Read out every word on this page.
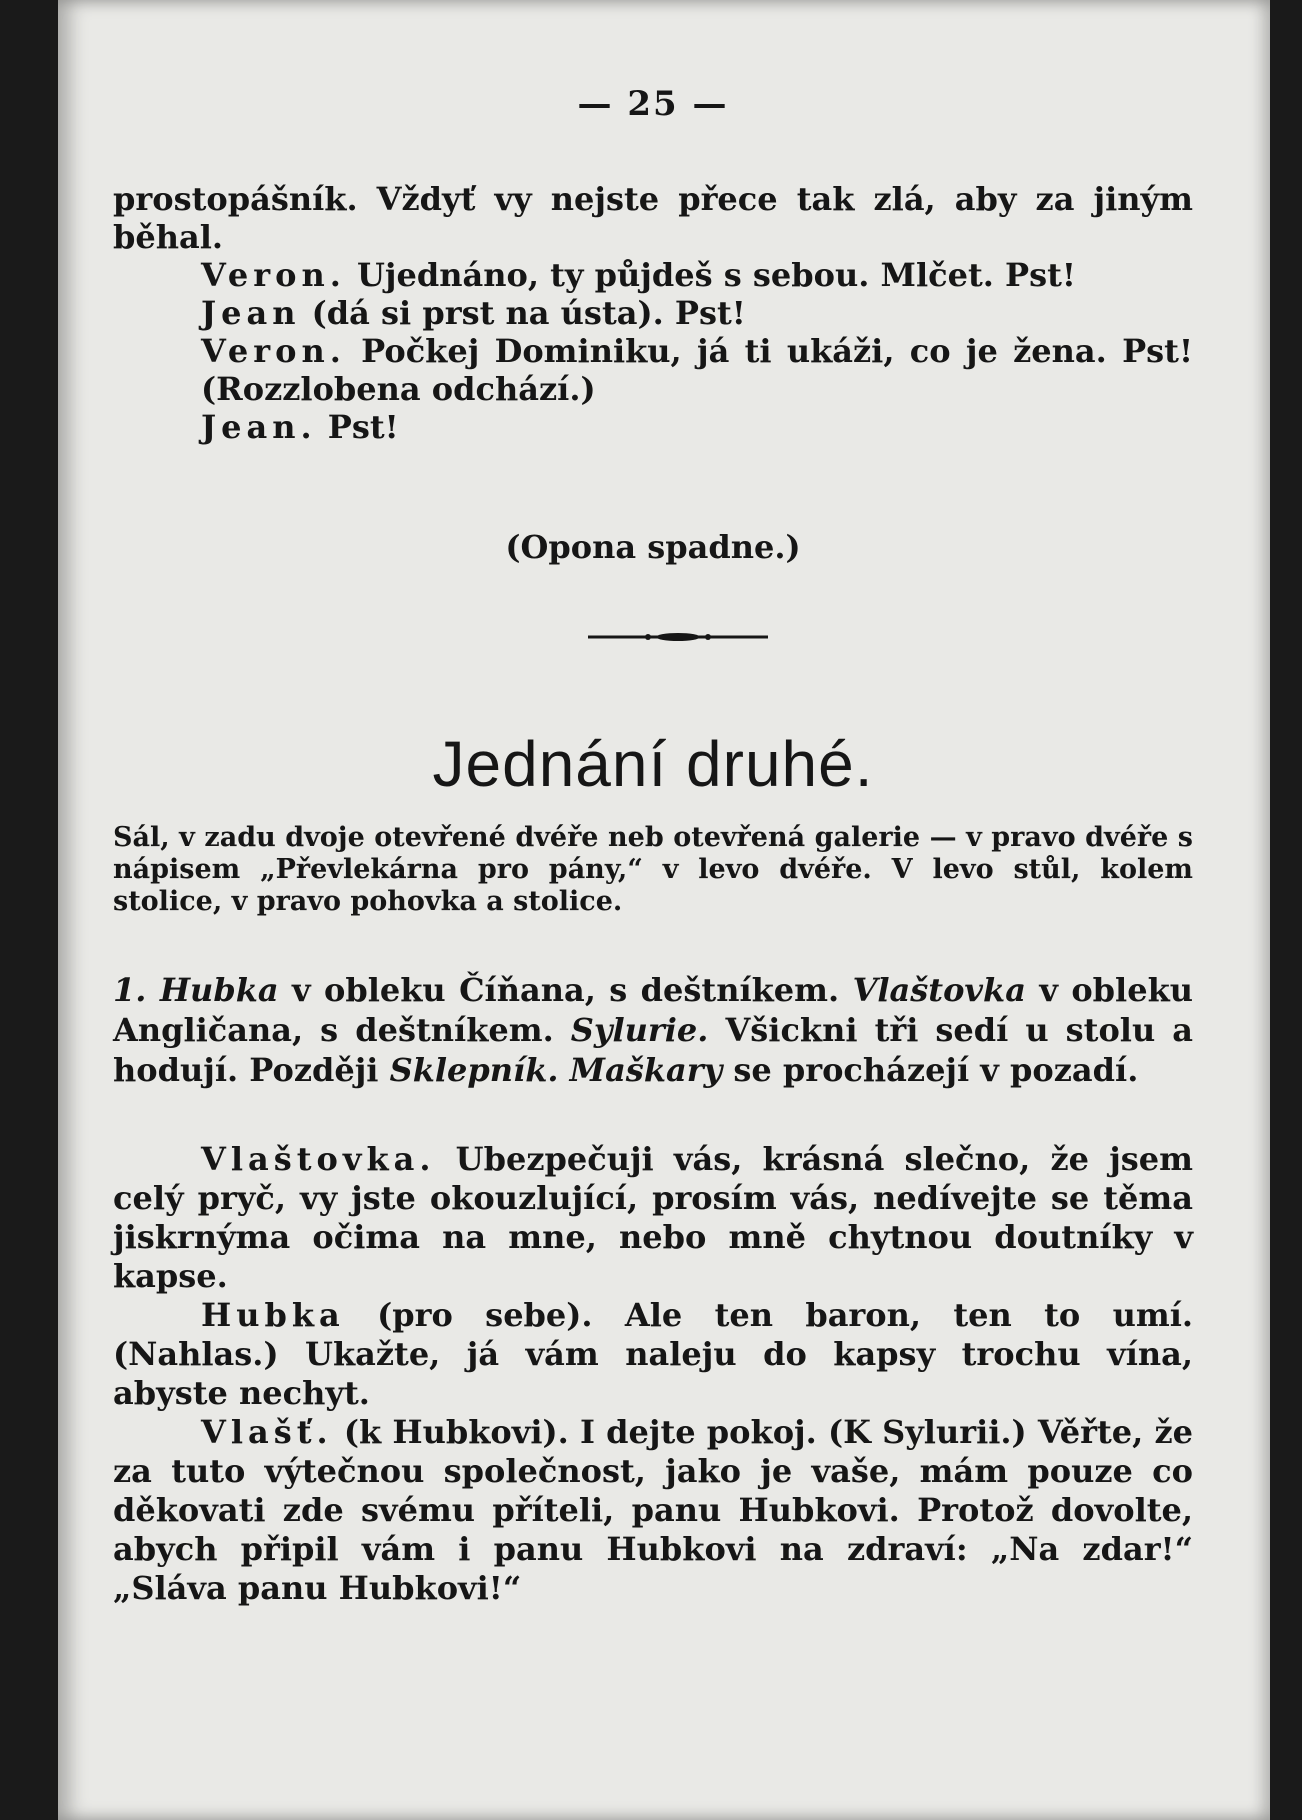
— 25 —

prostopášník. Vždyť vy nejste přece tak zlá, aby za jiným běhal.

Veron. Ujednáno, ty půjdeš s sebou. Mlčet. Pst!

Jean (dá si prst na ústa). Pst!

Veron. Počkej Dominiku, já ti ukáži, co je žena. Pst! (Rozzlobena odchází.)

Jean. Pst!

(Opona spadne.)

Jednání druhé.
Sál, v zadu dvoje otevřené dvéře neb otevřená galerie — v pravo dvéře s nápisem „Převlekárna pro pány,“ v levo dvéře. V levo stůl, kolem stolice, v pravo pohovka a stolice.

1. Hubka v obleku Číňana, s deštníkem. Vlaštovka v obleku Angličana, s deštníkem. Sylurie. Všickni tři sedí u stolu a hodují. Později Sklepník. Maškary se procházejí v pozadí.

Vlaštovka. Ubezpečuji vás, krásná slečno, že jsem celý pryč, vy jste okouzlující, prosím vás, nedívejte se těma jiskrnýma očima na mne, nebo mně chytnou doutníky v kapse.

Hubka (pro sebe). Ale ten baron, ten to umí. (Nahlas.) Ukažte, já vám naleju do kapsy trochu vína, abyste nechyt.

Vlašť. (k Hubkovi). I dejte pokoj. (K Sylurii.) Věřte, že za tuto výtečnou společnost, jako je vaše, mám pouze co děkovati zde svému příteli, panu Hubkovi. Protož dovolte, abych připil vám i panu Hubkovi na zdraví: „Na zdar!“ „Sláva panu Hubkovi!“
